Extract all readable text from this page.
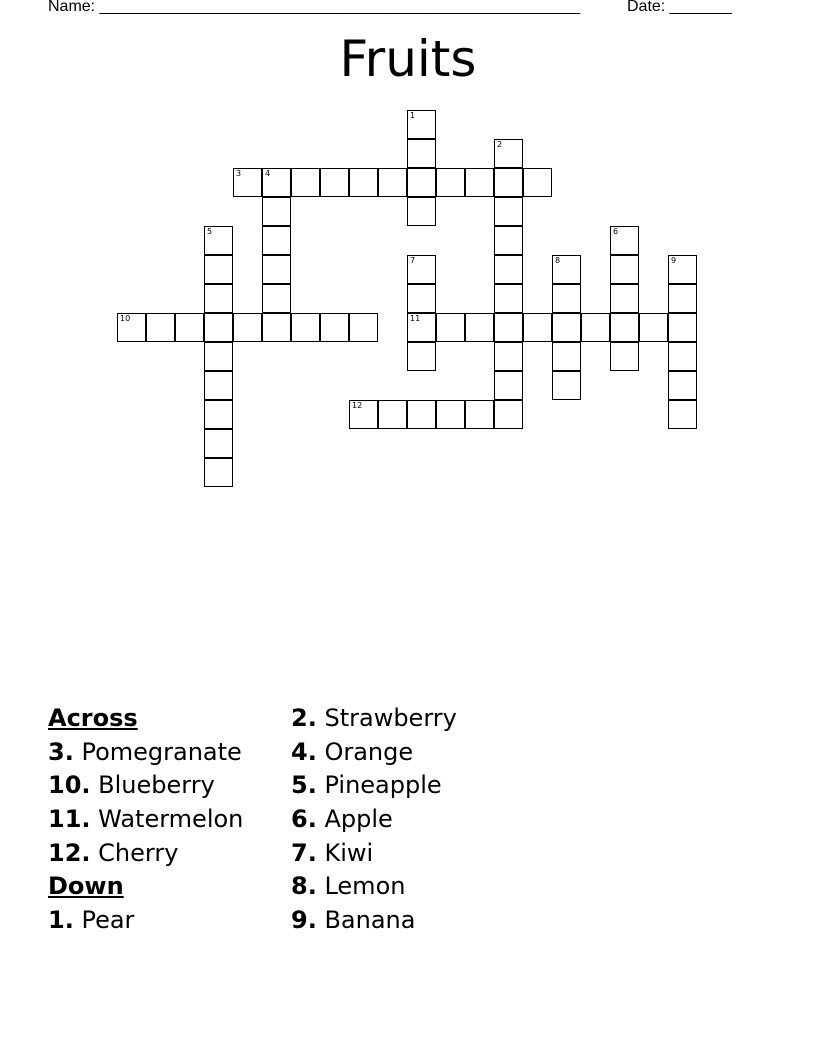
Name: ______________________________________________________	Date: _______
Fruits
1
2
3	4
5	6
7
11
8	9
10
12
Across
3. Pomegranate
10. Blueberry
11. Watermelon
12. Cherry
Down
1. Pear
2. Strawberry
4. Orange
5. Pineapple
6. Apple
7. Kiwi
8. Lemon
9. Banana
